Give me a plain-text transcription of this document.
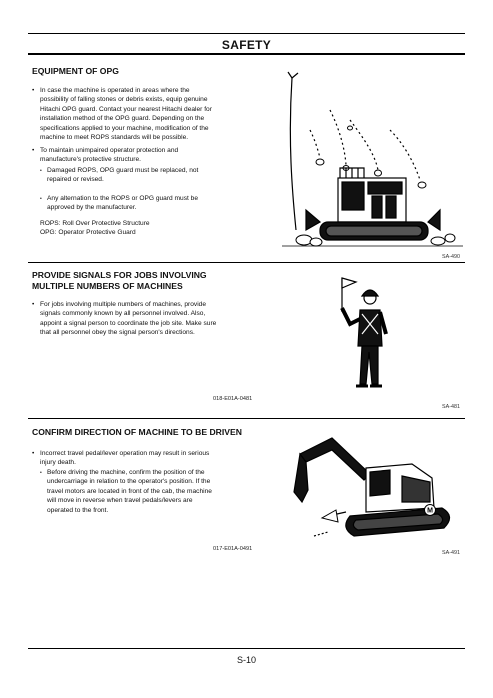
SAFETY
EQUIPMENT OF OPG
• In case the machine is operated in areas where the
possibility of falling stones or debris exists, equip genuine
Hitachi OPG guard. Contact your nearest Hitachi dealer for
installation method of the OPG guard. Depending on the
specifications applied to your machine, modification of the
machine to meet ROPS standards will be possible.
• To maintain unimpaired operator protection and
manufacture's protective structure.
• Damaged ROPS, OPG guard must be replaced, not
repaired or revised.
• Any alternation to the ROPS or OPG guard must be
approved by the manufacturer.
ROPS: Roll Over Protective Structure
OPG: Operator Protective Guard
SA-490
PROVIDE SIGNALS FOR JOBS INVOLVING
MULTIPLE NUMBERS OF MACHINES
• For jobs involving multiple numbers of machines, provide
signals commonly known by all personnel involved. Also,
appoint a signal person to coordinate the job site. Make sure
that all personnel obey the signal person's directions.
018-E01A-0481
SA-481
CONFIRM DIRECTION OF MACHINE TO BE DRIVEN
• Incorrect travel pedal/lever operation may result in serious
injury death.
• Before driving the machine, confirm the position of the
undercarriage in relation to the operator's position. If the
travel motors are located in front of the cab, the machine
will move in reverse when travel pedals/levers are
operated to the front.
017-E01A-0491
M
SA-491
S-10
